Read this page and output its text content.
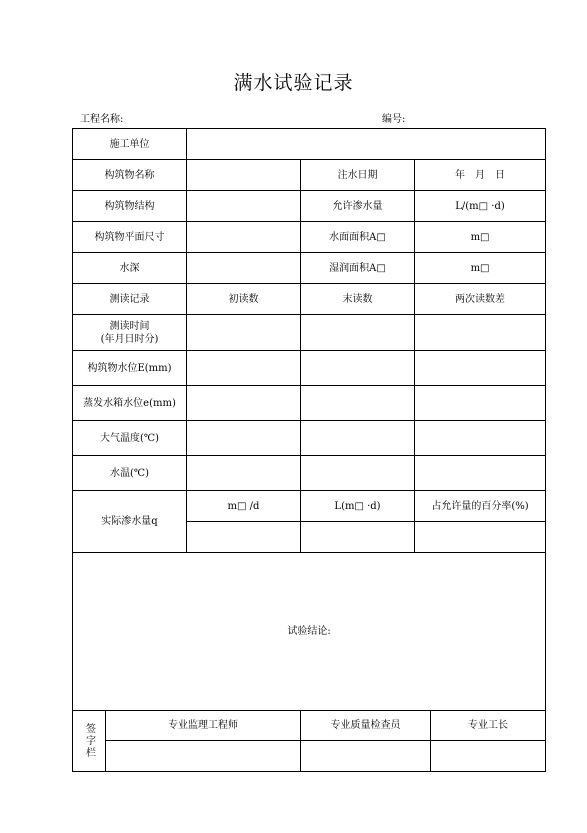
满水试验记录
工程名称:	编号:
施工单位					
构筑物名称			注水日期	年　月　日	
构筑物结构			允许渗水量	L/(m□ ·d)	
构筑物平面尺寸			水面面积A□	m□	
水深			湿润面积A□	m□	
测读记录		初读数	末读数	两次读数差	

测读时间
(年月日时分)					

构筑物水位E(mm)					
蒸发水箱水位e(mm)					
大气温度(℃)					
水温(℃)					
实际渗水量q		m□ /d	L(m□ ·d)	占允许量的百分率(%)	

试验结论:					
签字栏	专业监理工程师		专业质量检查员		专业工长
